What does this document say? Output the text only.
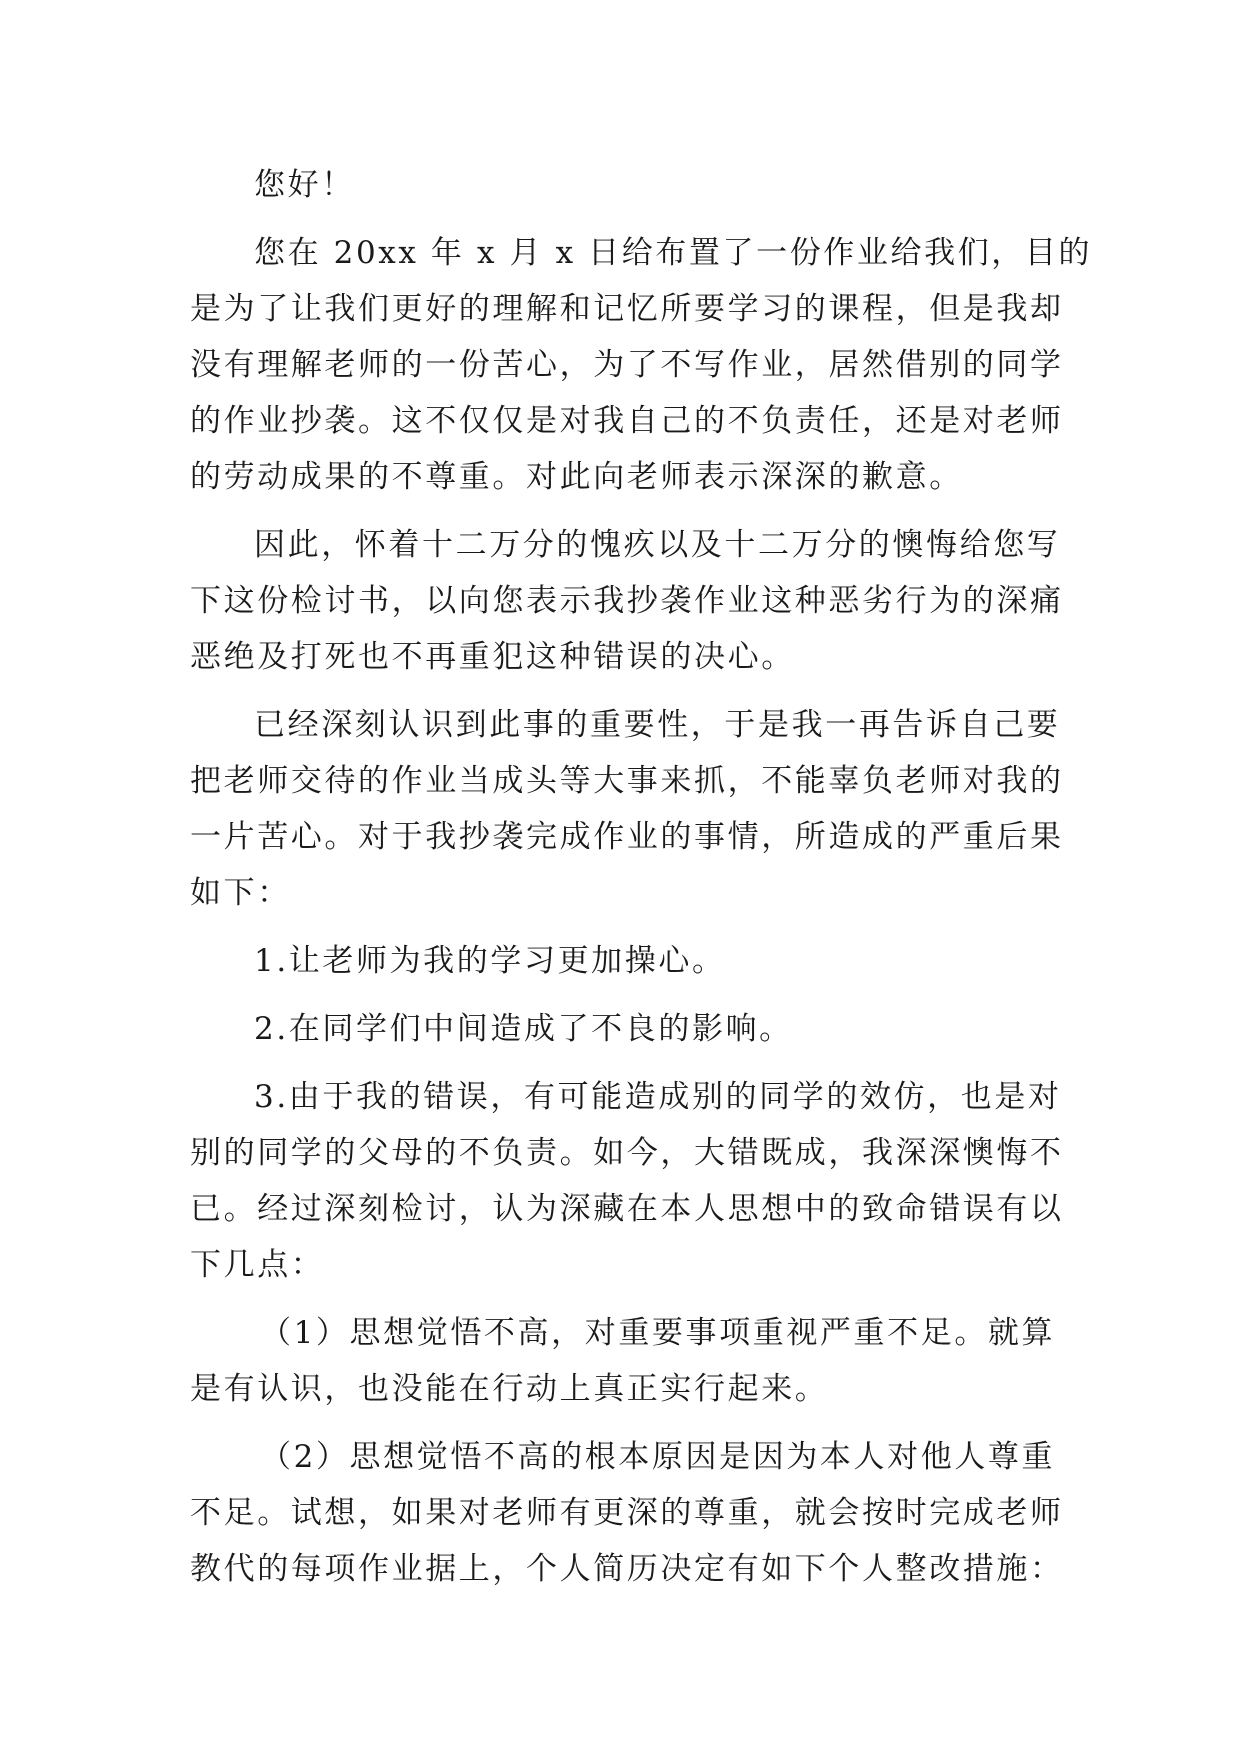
您好！
您在 20xx 年 x 月 x 日给布置了一份作业给我们，目的
是为了让我们更好的理解和记忆所要学习的课程，但是我却
没有理解老师的一份苦心，为了不写作业，居然借别的同学
的作业抄袭。这不仅仅是对我自己的不负责任，还是对老师
的劳动成果的不尊重。对此向老师表示深深的歉意。
因此，怀着十二万分的愧疚以及十二万分的懊悔给您写
下这份检讨书，以向您表示我抄袭作业这种恶劣行为的深痛
恶绝及打死也不再重犯这种错误的决心。
已经深刻认识到此事的重要性，于是我一再告诉自己要
把老师交待的作业当成头等大事来抓，不能辜负老师对我的
一片苦心。对于我抄袭完成作业的事情，所造成的严重后果
如下：
1.让老师为我的学习更加操心。
2.在同学们中间造成了不良的影响。
3.由于我的错误，有可能造成别的同学的效仿，也是对
别的同学的父母的不负责。如今，大错既成，我深深懊悔不
已。经过深刻检讨，认为深藏在本人思想中的致命错误有以
下几点：
（1）思想觉悟不高，对重要事项重视严重不足。就算
是有认识，也没能在行动上真正实行起来。
（2）思想觉悟不高的根本原因是因为本人对他人尊重
不足。试想，如果对老师有更深的尊重，就会按时完成老师
教代的每项作业据上，个人简历决定有如下个人整改措施：
